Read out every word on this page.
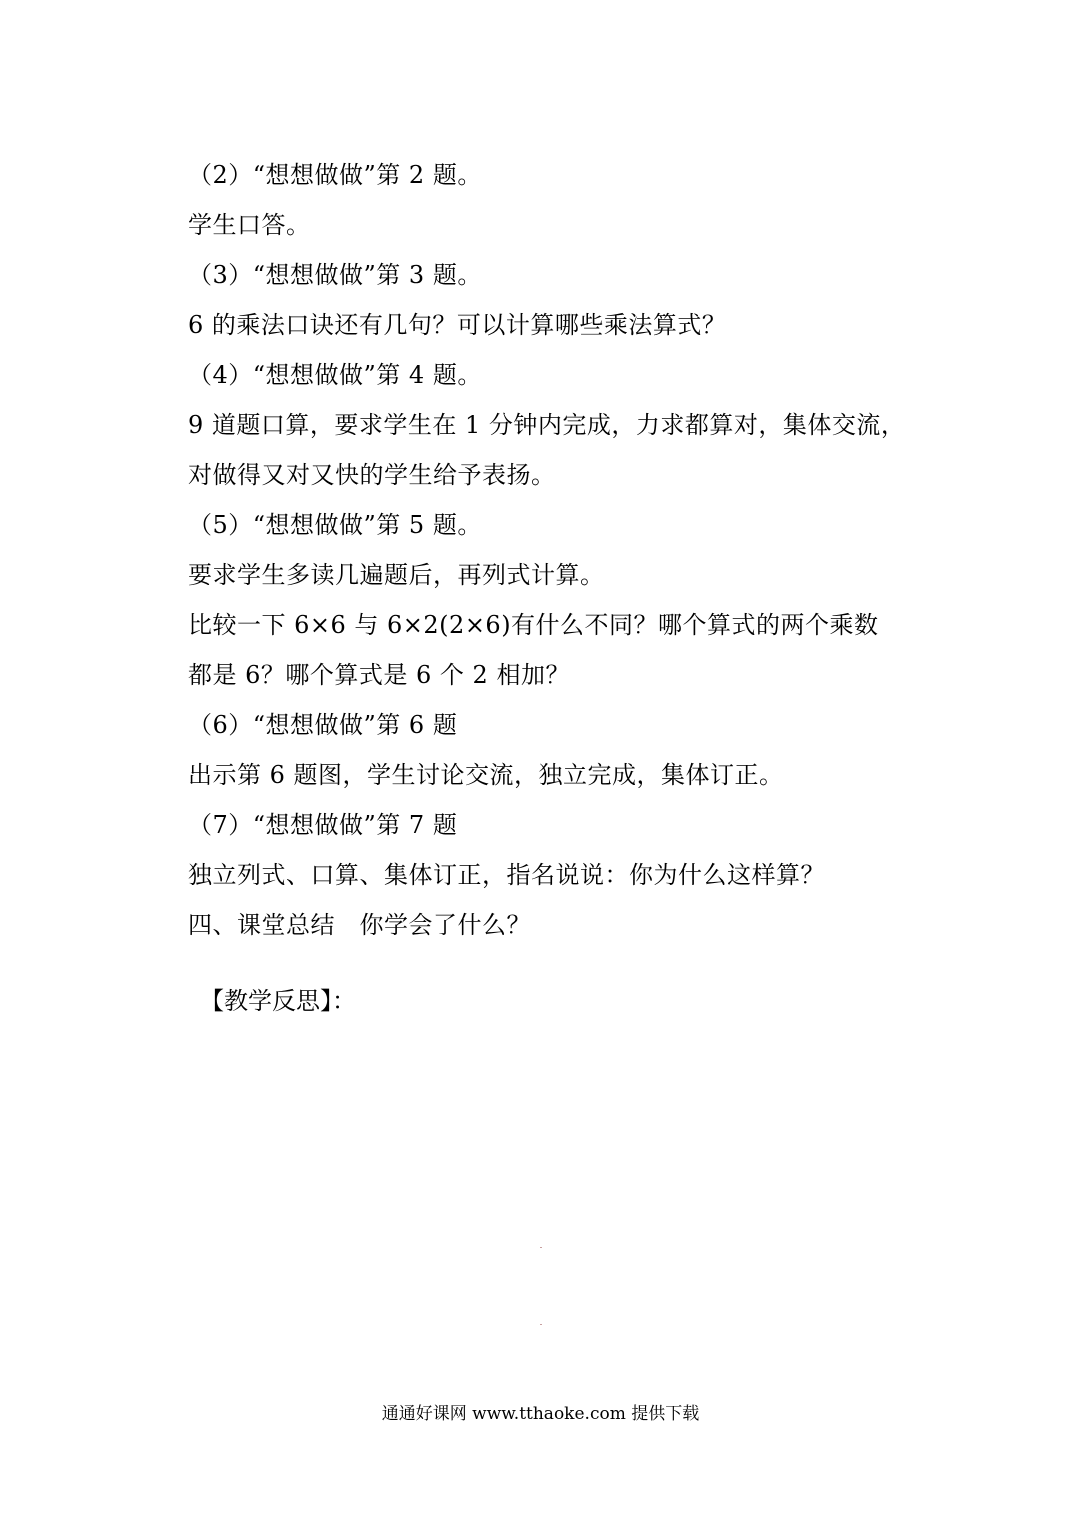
（2）“想想做做”第 2 题。
学生口答。
（3）“想想做做”第 3 题。
6 的乘法口诀还有几句？可以计算哪些乘法算式？
（4）“想想做做”第 4 题。
9 道题口算，要求学生在 1 分钟内完成，力求都算对，集体交流，
对做得又对又快的学生给予表扬。
（5）“想想做做”第 5 题。
要求学生多读几遍题后，再列式计算。
比较一下 6×6 与 6×2(2×6)有什么不同？哪个算式的两个乘数
都是 6？哪个算式是 6 个 2 相加？
（6）“想想做做”第 6 题
出示第 6 题图，学生讨论交流，独立完成，集体订正。
（7）“想想做做”第 7 题
独立列式、口算、集体订正，指名说说：你为什么这样算？
四、课堂总结　你学会了什么？
【教学反思】：
通通好课网 www.tthaoke.com 提供下载
